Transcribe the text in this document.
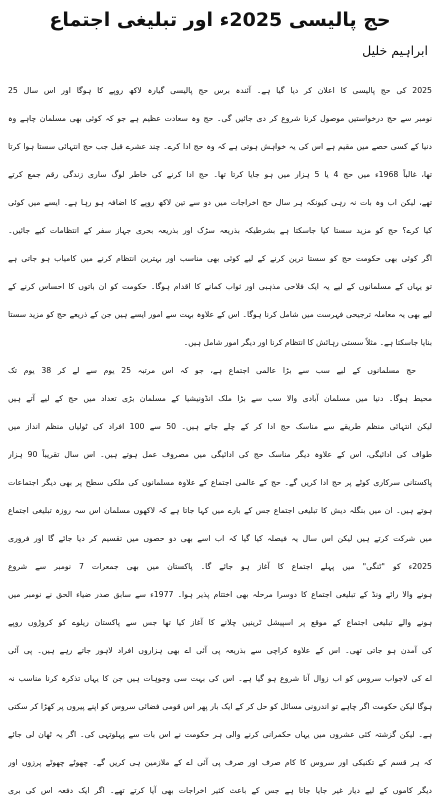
حج پالیسی 2025ء اور تبلیغی اجتماع
ابراہیم خلیل
2025 کی حج پالیسی کا اعلان کر دیا گیا ہے۔ آئندہ برس حج پالیسی گیارہ لاکھ روپے کا ہوگا اور اس سال 25
نومبر سے حج درخواستیں موصول کرنا شروع کر دی جائیں گی۔ حج وہ سعادت عظیم ہے جو کہ کوئی بھی مسلمان چاہے وہ
دنیا کے کسی حصے میں مقیم ہے اس کی یہ خواہش ہوتی ہے کہ وہ حج ادا کرے۔ چند عشرے قبل جب حج انتہائی سستا ہوا کرتا
تھا، غالباً 1968ء میں حج 4 یا 5 ہزار میں ہو جایا کرتا تھا۔ حج ادا کرنے کی خاطر لوگ ساری زندگی رقم جمع کرتے
تھے، لیکن اب وہ بات نہ رہی کیونکہ ہر سال حج اخراجات میں دو سے تین لاکھ روپے کا اضافہ ہو رہا ہے۔ ایسے میں کوئی
کیا کرے؟ حج کو مزید سستا کیا جاسکتا ہے بشرطیکہ بذریعہ سڑک اور بذریعہ بحری جہاز سفر کے انتظامات کیے جائیں۔
اگر کوئی بھی حکومت حج کو سستا ترین کرنے کے لیے کوئی بھی مناسب اور بہترین انتظام کرنے میں کامیاب ہو جاتی ہے
تو یہاں کے مسلمانوں کے لیے یہ ایک فلاحی مذہبی اور ثواب کمانے کا اقدام ہوگا۔ حکومت کو ان باتوں کا احساس کرنے کے
لیے بھی یہ معاملہ ترجیحی فہرست میں شامل کرنا ہوگا۔ اس کے علاوہ بہت سے امور ایسے ہیں جن کے ذریعے حج کو مزید سستا
بنایا جاسکتا ہے۔ مثلاً سستی رہائش کا انتظام کرنا اور دیگر امور شامل ہیں۔
حج مسلمانوں کے لیے سب سے بڑا عالمی اجتماع ہے، جو کہ اس مرتبہ 25 یوم سے لے کر 38 یوم تک
محیط ہوگا۔ دنیا میں مسلمان آبادی والا سب سے بڑا ملک انڈونیشیا کے مسلمان بڑی تعداد میں حج کے لیے آتے ہیں
لیکن انتہائی منظم طریقے سے مناسک حج ادا کر کے چلے جاتے ہیں۔ 50 سے 100 افراد کی ٹولیاں منظم انداز میں
طواف کی ادائیگی، اس کے علاوہ دیگر مناسک حج کی ادائیگی میں مصروف عمل ہوتے ہیں۔ اس سال تقریباً 90 ہزار
پاکستانی سرکاری کوٹے پر حج ادا کریں گے۔ حج کے عالمی اجتماع کے علاوہ مسلمانوں کی ملکی سطح پر بھی دیگر اجتماعات
ہوتے ہیں۔ ان میں بنگلہ دیش کا تبلیغی اجتماع جس کے بارے میں کہا جاتا ہے کہ لاکھوں مسلمان اس سہ روزہ تبلیغی اجتماع
میں شرکت کرتے ہیں لیکن اس سال یہ فیصلہ کیا گیا کہ اب اسے بھی دو حصوں میں تقسیم کر دیا جائے گا اور فروری
2025ء کو "ٹنگی" میں پہلے اجتماع کا آغاز ہو جائے گا۔ پاکستان میں بھی جمعرات 7 نومبر سے شروع
ہونے والا رائے ونڈ کے تبلیغی اجتماع کا دوسرا مرحلہ بھی اختتام پذیر ہوا۔ 1977ء سے سابق صدر ضیاء الحق نے نومبر میں
ہونے والے تبلیغی اجتماع کے موقع پر اسپیشل ٹرینیں چلانے کا آغاز کیا تھا جس سے پاکستان ریلوے کو کروڑوں روپے
کی آمدن ہو جاتی تھی۔ اس کے علاوہ کراچی سے بذریعہ پی آئی اے بھی ہزاروں افراد لاہور جاتے رہے ہیں۔ پی آئی
اے کی لاجواب سروس کو اب زوال آنا شروع ہو گیا ہے۔ اس کی بہت سی وجوہات ہیں جن کا یہاں تذکرہ کرنا مناسب نہ
ہوگا لیکن حکومت اگر چاہے تو اندرونی مسائل کو حل کر کے ایک بار پھر اس قومی فضائی سروس کو اپنے پیروں پر کھڑا کر سکتی
ہے۔ لیکن گزشتہ کئی عشروں میں یہاں حکمرانی کرنے والی ہر حکومت نے اس بات سے پہلوتہی کی۔ اگر یہ ٹھان لی جائے
کہ ہر قسم کے تکنیکی اور سروس کا کام صرف اور صرف پی آئی اے کے ملازمین ہی کریں گے۔ چھوٹے چھوٹے پرزوں اور
دیگر کاموں کے لیے دیار غیر جایا جاتا ہے جس کے باعث کثیر اخراجات بھی آیا کرتے تھے۔ اگر ایک دفعہ اس کی بری
